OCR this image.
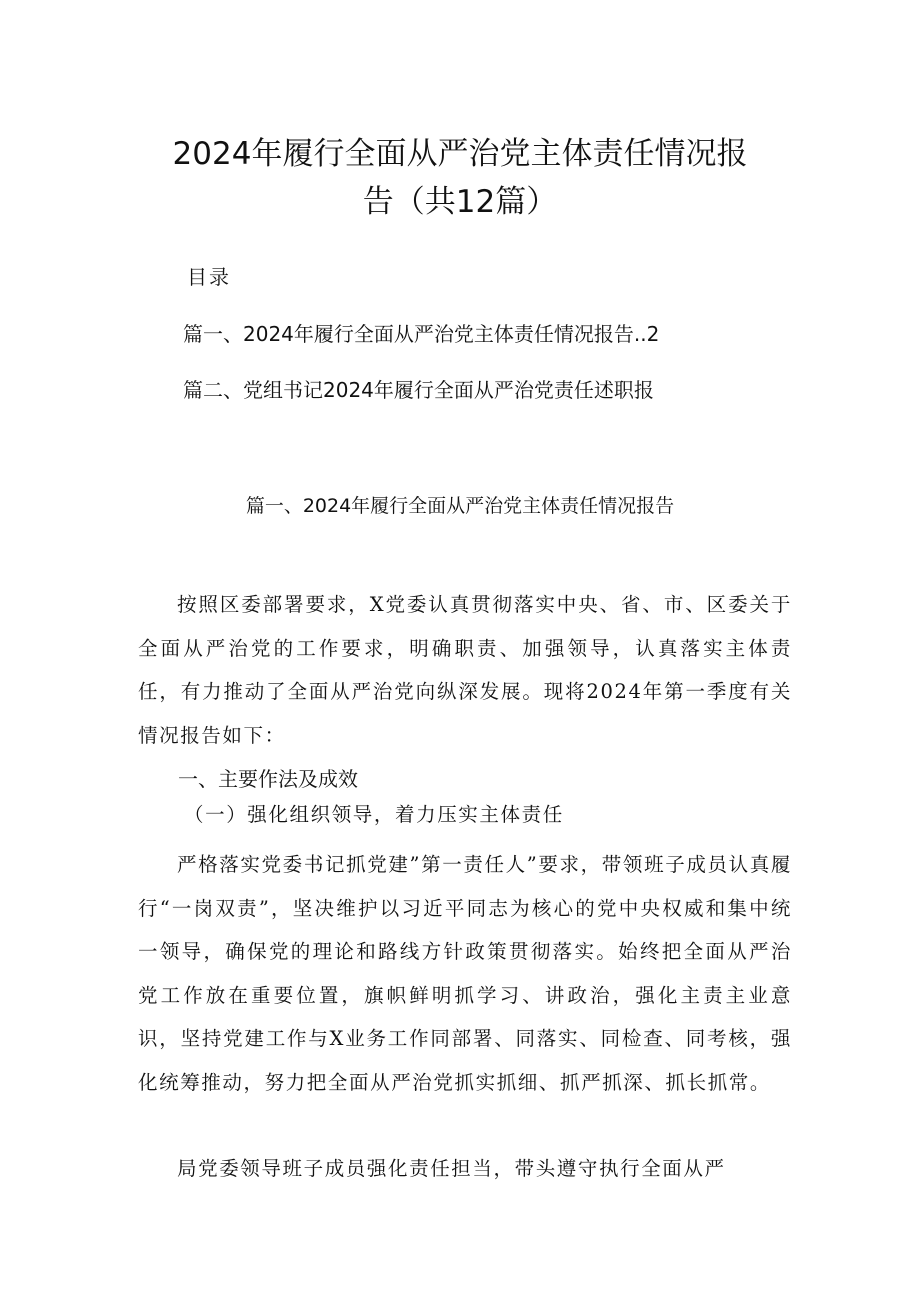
2024年履行全面从严治党主体责任情况报
告（共12篇）
目录
篇一、2024年履行全面从严治党主体责任情况报告..2
篇二、党组书记2024年履行全面从严治党责任述职报
篇一、2024年履行全面从严治党主体责任情况报告

按照区委部署要求，X党委认真贯彻落实中央、省、市、区委关于全面从严治党的工作要求，明确职责、加强领导，认真落实主体责任，有力推动了全面从严治党向纵深发展。现将2024年第一季度有关情况报告如下：

一、主要作法及成效
（一）强化组织领导，着力压实主体责任

严格落实党委书记抓党建”第一责任人”要求，带领班子成员认真履行“一岗双责”，坚决维护以习近平同志为核心的党中央权威和集中统一领导，确保党的理论和路线方针政策贯彻落实。始终把全面从严治党工作放在重要位置，旗帜鲜明抓学习、讲政治，强化主责主业意识，坚持党建工作与X业务工作同部署、同落实、同检查、同考核，强化统筹推动，努力把全面从严治党抓实抓细、抓严抓深、抓长抓常。

局党委领导班子成员强化责任担当，带头遵守执行全面从严
